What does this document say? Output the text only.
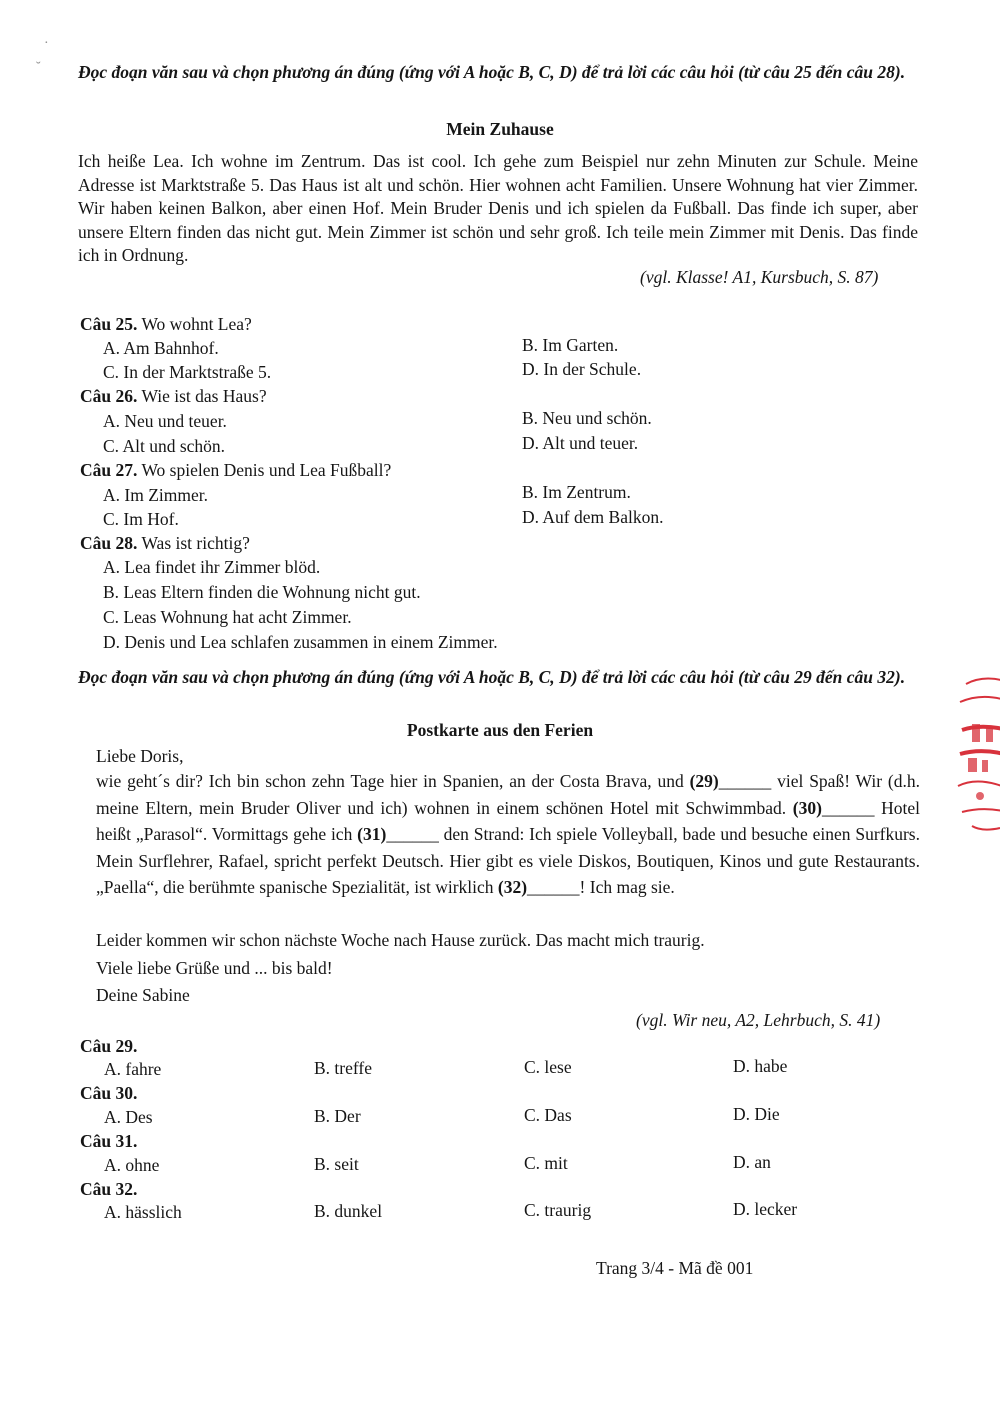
·
˘ Đọc đoạn văn sau và chọn phương án đúng (ứng với A hoặc B, C, D) để trả lời các câu hỏi (từ câu 25 đến câu 28).
Mein Zuhause
Ich heiße Lea. Ich wohne im Zentrum. Das ist cool. Ich gehe zum Beispiel nur zehn Minuten zur Schule. Meine Adresse ist Marktstraße 5. Das Haus ist alt und schön. Hier wohnen acht Familien. Unsere Wohnung hat vier Zimmer. Wir haben keinen Balkon, aber einen Hof. Mein Bruder Denis und ich spielen da Fußball. Das finde ich super, aber unsere Eltern finden das nicht gut. Mein Zimmer ist schön und sehr groß. Ich teile mein Zimmer mit Denis. Das finde ich in Ordnung.
(vgl. Klasse! A1, Kursbuch, S. 87)
Câu 25. Wo wohnt Lea?
A. Am Bahnhof.	B. Im Garten.
C. In der Marktstraße 5.	D. In der Schule.
Câu 26. Wie ist das Haus?
A. Neu und teuer.	B. Neu und schön.
C. Alt und schön.	D. Alt und teuer.
Câu 27. Wo spielen Denis und Lea Fußball?
A. Im Zimmer.	B. Im Zentrum.
C. Im Hof.	D. Auf dem Balkon.
Câu 28. Was ist richtig?
A. Lea findet ihr Zimmer blöd.
B. Leas Eltern finden die Wohnung nicht gut.
C. Leas Wohnung hat acht Zimmer.
D. Denis und Lea schlafen zusammen in einem Zimmer.
Đọc đoạn văn sau và chọn phương án đúng (ứng với A hoặc B, C, D) để trả lời các câu hỏi (từ câu 29 đến câu 32).
Postkarte aus den Ferien
Liebe Doris,
wie geht´s dir? Ich bin schon zehn Tage hier in Spanien, an der Costa Brava, und (29)______ viel Spaß! Wir (d.h. meine Eltern, mein Bruder Oliver und ich) wohnen in einem schönen Hotel mit Schwimmbad. (30)______ Hotel heißt „Parasol“. Vormittags gehe ich (31)______ den Strand: Ich spiele Volleyball, bade und besuche einen Surfkurs. Mein Surflehrer, Rafael, spricht perfekt Deutsch. Hier gibt es viele Diskos, Boutiquen, Kinos und gute Restaurants. „Paella“, die berühmte spanische Spezialität, ist wirklich (32)______! Ich mag sie.
Leider kommen wir schon nächste Woche nach Hause zurück. Das macht mich traurig.
Viele liebe Grüße und ... bis bald!
Deine Sabine
(vgl. Wir neu, A2, Lehrbuch, S. 41)
Câu 29.
A. fahre	B. treffe	C. lese	D. habe
Câu 30.
A. Des	B. Der	C. Das	D. Die
Câu 31.
A. ohne	B. seit	C. mit	D. an
Câu 32.
A. hässlich	B. dunkel	C. traurig	D. lecker
Trang 3/4 - Mã đề 001
